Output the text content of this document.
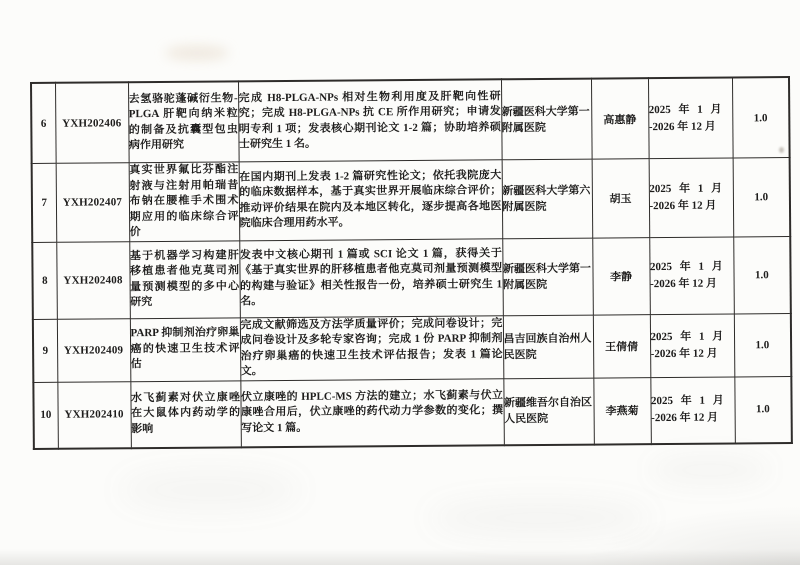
6	YXH202406	去氢骆驼蓬碱衍生物-PLGA 肝靶向纳米粒的制备及抗囊型包虫病作用研究	完成 H8-PLGA-NPs 相对生物利用度及肝靶向性研究；完成 H8-PLGA-NPs 抗 CE 所作用研究；申请发明专利 1 项；发表核心期刊论文 1-2 篇；协助培养硕士研究生 1 名。	新疆医科大学第一附属医院	高惠静	2025 年 1 月
-2026 年 12 月	1.0
7	YXH202407	真实世界氟比芬酯注射液与注射用帕瑞昔布钠在腰椎手术围术期应用的临床综合评价	在国内期刊上发表 1-2 篇研究性论文；依托我院庞大的临床数据样本，基于真实世界开展临床综合评价；推动评价结果在院内及本地区转化，逐步提高各地医院临床合理用药水平。	新疆医科大学第六附属医院	胡玉	2025 年 1 月
-2026 年 12 月	1.0
8	YXH202408	基于机器学习构建肝移植患者他克莫司剂量预测模型的多中心研究	发表中文核心期刊 1 篇或 SCI 论文 1 篇，获得关于《基于真实世界的肝移植患者他克莫司剂量预测模型的构建与验证》相关性报告一份，培养硕士研究生 1 名。	新疆医科大学第一附属医院	李静	2025 年 1 月
-2026 年 12 月	1.0
9	YXH202409	PARP 抑制剂治疗卵巢癌的快速卫生技术评估	完成文献筛选及方法学质量评价；完成问卷设计；完成问卷设计及多轮专家咨询；完成 1 份 PARP 抑制剂治疗卵巢癌的快速卫生技术评估报告；发表 1 篇论文。	昌吉回族自治州人民医院	王倩倩	2025 年 1 月
-2026 年 12 月	1.0
10	YXH202410	水飞蓟素对伏立康唑在大鼠体内药动学的影响	伏立康唑的 HPLC-MS 方法的建立；水飞蓟素与伏立康唑合用后，伏立康唑的药代动力学参数的变化；撰写论文 1 篇。	新疆维吾尔自治区人民医院	李燕菊	2025 年 1 月
-2026 年 12 月	1.0
